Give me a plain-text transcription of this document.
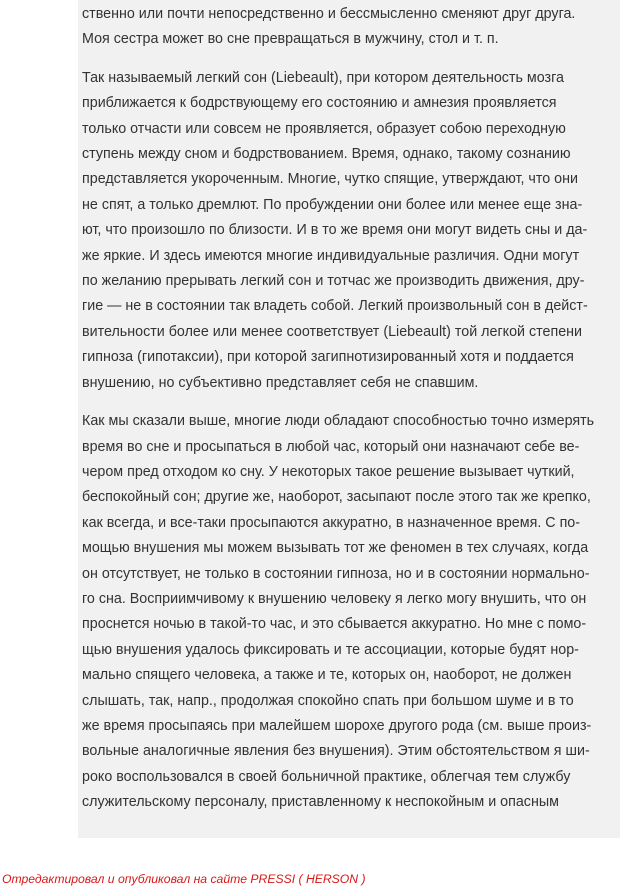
ственно или почти непосредственно и бессмысленно сменяют друг друга.
Моя сестра может во сне превращаться в мужчину, стол и т. п.

Так называемый легкий сон (Liebeault), при котором деятельность мозга
приближается к бодрствующему его состоянию и амнезия проявляется
только отчасти или совсем не проявляется, образует собою переходную
ступень между сном и бодрствованием. Время, однако, такому сознанию
представляется укороченным. Многие, чутко спящие, утверждают, что они
не спят, а только дремлют. По пробуждении они более или менее еще зна-
ют, что произошло по близости. И в то же время они могут видеть сны и да-
же яркие. И здесь имеются многие индивидуальные различия. Одни могут
по желанию прерывать легкий сон и тотчас же производить движения, дру-
гие — не в состоянии так владеть собой. Легкий произвольный сон в дейст-
вительности более или менее соответствует (Liebeault) той легкой степени
гипноза (гипотаксии), при которой загипнотизированный хотя и поддается
внушению, но субъективно представляет себя не спавшим.

Как мы сказали выше, многие люди обладают способностью точно измерять
время во сне и просыпаться в любой час, который они назначают себе ве-
чером пред отходом ко сну. У некоторых такое решение вызывает чуткий,
беспокойный сон; другие же, наоборот, засыпают после этого так же крепко,
как всегда, и все-таки просыпаются аккуратно, в назначенное время. С по-
мощью внушения мы можем вызывать тот же феномен в тех случаях, когда
он отсутствует, не только в состоянии гипноза, но и в состоянии нормально-
го сна. Восприимчивому к внушению человеку я легко могу внушить, что он
проснется ночью в такой-то час, и это сбывается аккуратно. Но мне с помо-
щью внушения удалось фиксировать и те ассоциации, которые будят нор-
мально спящего человека, а также и те, которых он, наоборот, не должен
слышать, так, напр., продолжая спокойно спать при большом шуме и в то
же время просыпаясь при малейшем шорохе другого рода (см. выше произ-
вольные аналогичные явления без внушения). Этим обстоятельством я ши-
роко воспользовался в своей больничной практике, облегчая тем службу
служительскому персоналу, приставленному к неспокойным и опасным

Отредактировал и опубликовал на сайте PRESSI ( HERSON )
